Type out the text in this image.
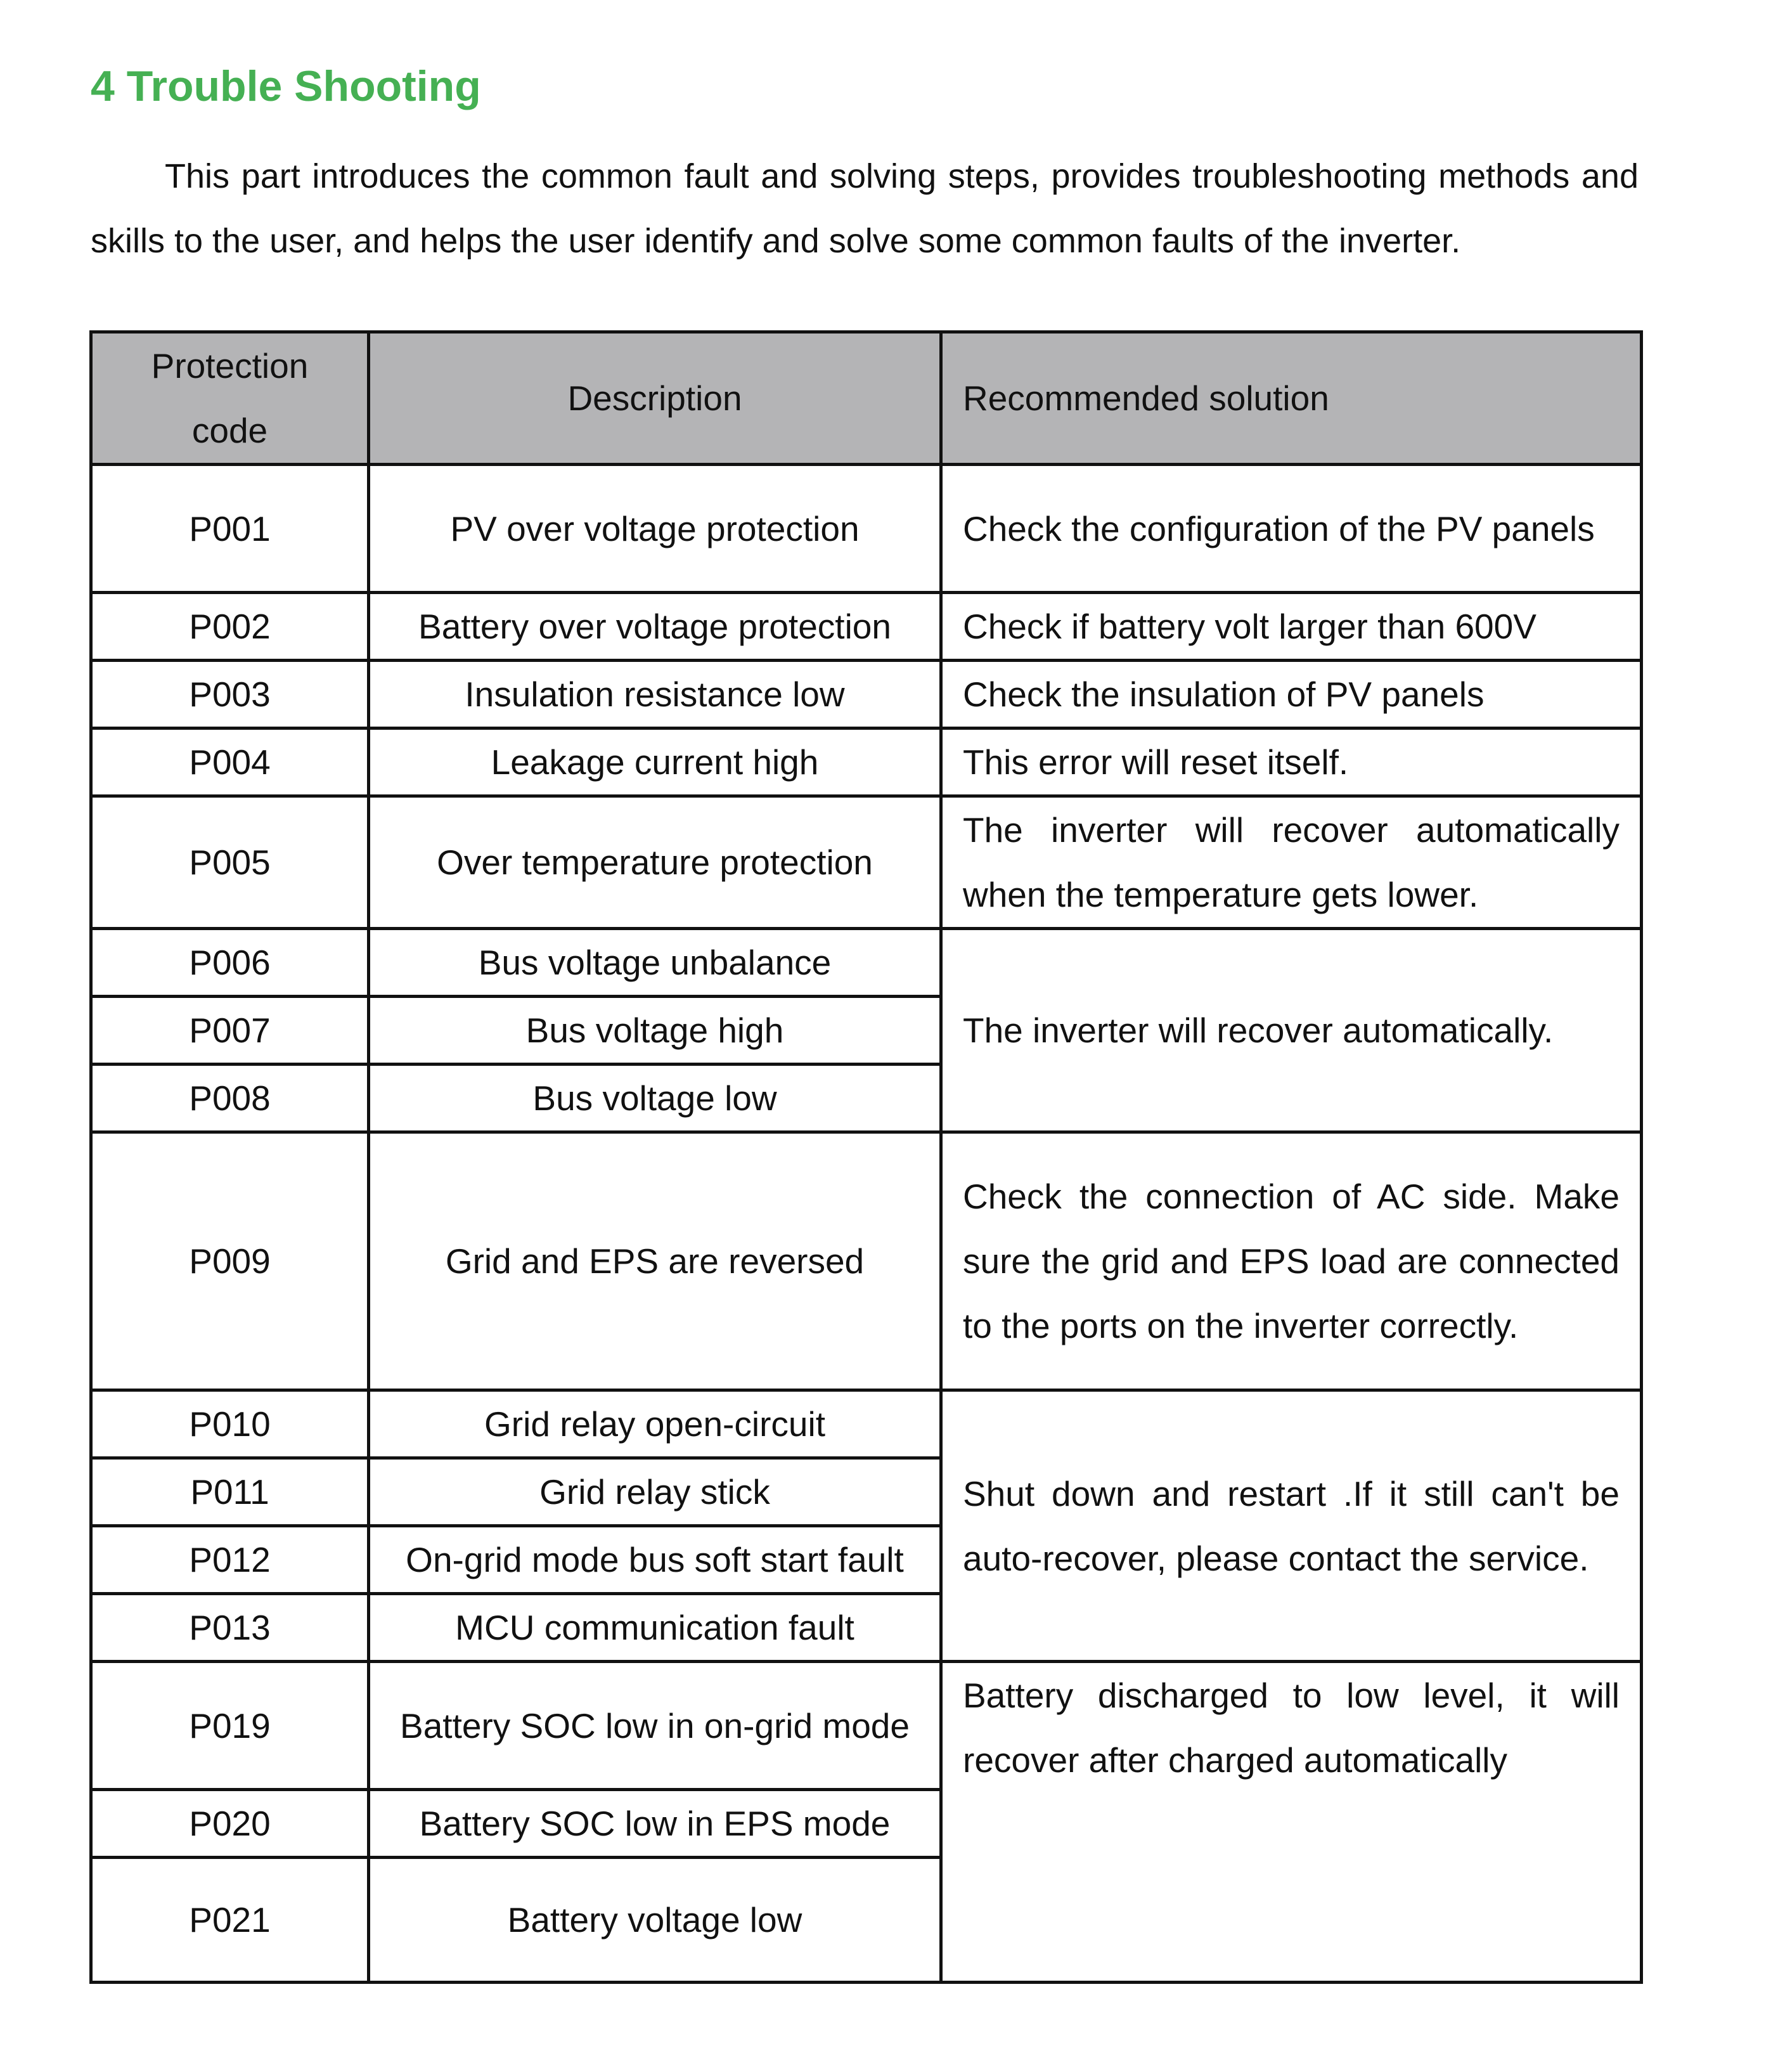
4 Trouble Shooting

This part introduces the common fault and solving steps, provides troubleshooting methods and skills to the user, and helps the user identify and solve some common faults of the inverter.

Protection code	Description	Recommended solution
P001	PV over voltage protection	Check the configuration of the PV panels
P002	Battery over voltage protection	Check if battery volt larger than 600V
P003	Insulation resistance low	Check the insulation of PV panels
P004	Leakage current high	This error will reset itself.
P005	Over temperature protection	The inverter will recover automatically when the temperature gets lower.
P006	Bus voltage unbalance	The inverter will recover automatically.
P007	Bus voltage high	
P008	Bus voltage low	
P009	Grid and EPS are reversed	Check the connection of AC side. Make sure the grid and EPS load are connected to the ports on the inverter correctly.
P010	Grid relay open-circuit	Shut down and restart .If it still can't be auto-recover, please contact the service.
P011	Grid relay stick	
P012	On-grid mode bus soft start fault	
P013	MCU communication fault	
P019	Battery SOC low in on-grid mode	Battery discharged to low level, it will recover after charged automatically
P020	Battery SOC low in EPS mode	
P021	Battery voltage low	
